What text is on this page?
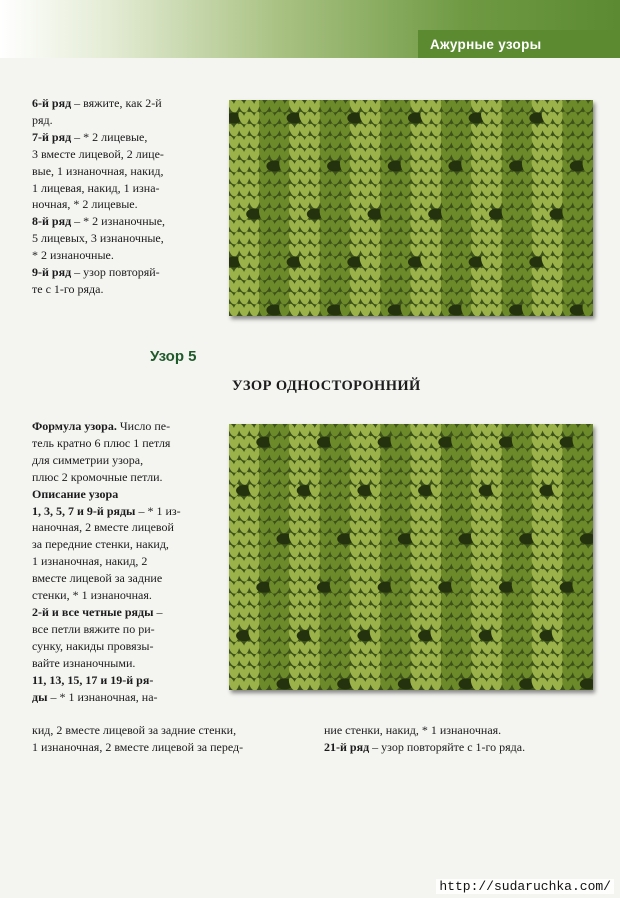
Ажурные узоры

6-й ряд – вяжите, как 2-й

ряд.

7-й ряд – * 2 лицевые,

3 вместе лицевой, 2 лице-

вые, 1 изнаночная, накид,

1 лицевая, накид, 1 изна-

ночная, * 2 лицевые.

8-й ряд – * 2 изнаночные,

5 лицевых, 3 изнаночные,

* 2 изнаночные.

9-й ряд – узор повторяй-

те с 1-го ряда.

Узор 5
УЗОР ОДНОСТОРОННИЙ

Формула узора. Число пе-

тель кратно 6 плюс 1 петля

для симметрии узора,

плюс 2 кромочные петли.

Описание узора

1, 3, 5, 7 и 9-й ряды – * 1 из-

наночная, 2 вместе лицевой

за передние стенки, накид,

1 изнаночная, накид, 2

вместе лицевой за задние

стенки, * 1 изнаночная.

2-й и все четные ряды –

все петли вяжите по ри-

сунку, накиды провязы-

вайте изнаночными.

11, 13, 15, 17 и 19-й ря-

ды – * 1 изнаночная, на-

кид, 2 вместе лицевой за задние стенки,

1 изнаночная, 2 вместе лицевой за перед-

ние стенки, накид, * 1 изнаночная.

21-й ряд – узор повторяйте с 1-го ряда.

http://sudaruchka.com/
